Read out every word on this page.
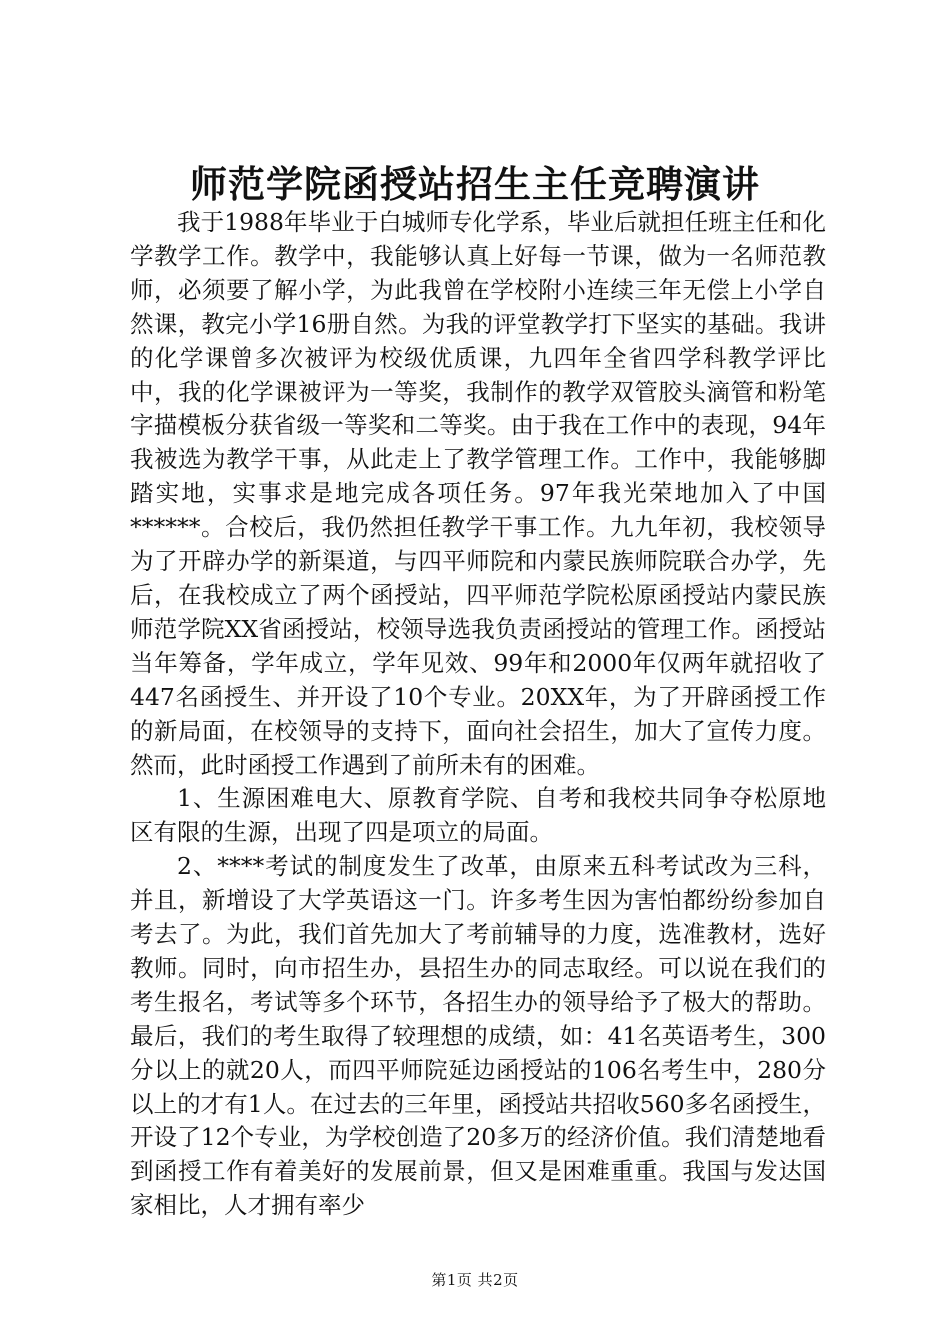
师范学院函授站招生主任竞聘演讲

我于1988年毕业于白城师专化学系，毕业后就担任班主任和化学教学工作。教学中，我能够认真上好每一节课，做为一名师范教师，必须要了解小学，为此我曾在学校附小连续三年无偿上小学自然课，教完小学16册自然。为我的评堂教学打下坚实的基础。我讲的化学课曾多次被评为校级优质课，九四年全省四学科教学评比中，我的化学课被评为一等奖，我制作的教学双管胶头滴管和粉笔字描模板分获省级一等奖和二等奖。由于我在工作中的表现，94年我被选为教学干事，从此走上了教学管理工作。工作中，我能够脚踏实地，实事求是地完成各项任务。97年我光荣地加入了中国******。合校后，我仍然担任教学干事工作。九九年初，我校领导为了开辟办学的新渠道，与四平师院和内蒙民族师院联合办学，先后，在我校成立了两个函授站，四平师范学院松原函授站内蒙民族师范学院XX省函授站，校领导选我负责函授站的管理工作。函授站当年筹备，学年成立，学年见效、99年和2000年仅两年就招收了447名函授生、并开设了10个专业。20XX年，为了开辟函授工作的新局面，在校领导的支持下，面向社会招生，加大了宣传力度。然而，此时函授工作遇到了前所未有的困难。

1、生源困难电大、原教育学院、自考和我校共同争夺松原地区有限的生源，出现了四是项立的局面。

2、****考试的制度发生了改革，由原来五科考试改为三科，并且，新增设了大学英语这一门。许多考生因为害怕都纷纷参加自考去了。为此，我们首先加大了考前辅导的力度，选准教材，选好教师。同时，向市招生办，县招生办的同志取经。可以说在我们的考生报名，考试等多个环节，各招生办的领导给予了极大的帮助。最后，我们的考生取得了较理想的成绩，如：41名英语考生，300分以上的就20人，而四平师院延边函授站的106名考生中，280分以上的才有1人。在过去的三年里，函授站共招收560多名函授生，开设了12个专业，为学校创造了20多万的经济价值。我们清楚地看到函授工作有着美好的发展前景，但又是困难重重。我国与发达国家相比，人才拥有率少

第1页 共2页
